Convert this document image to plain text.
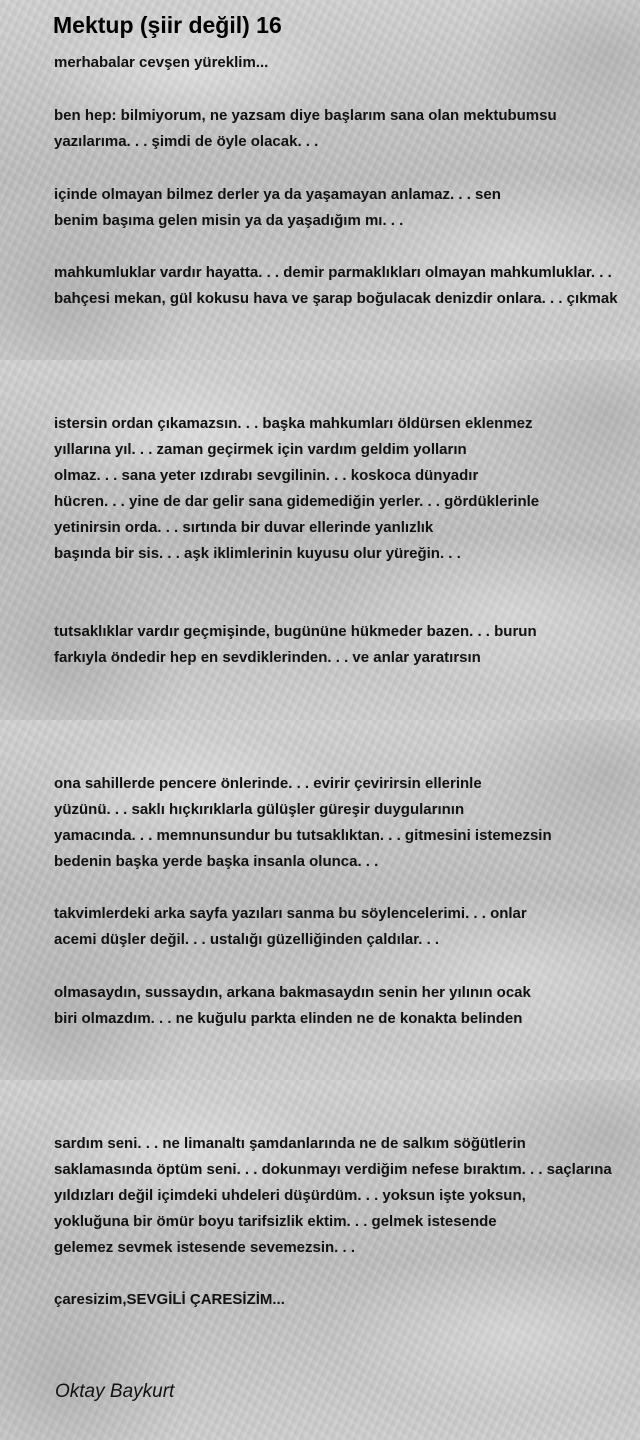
Mektup (şiir değil) 16
merhabalar cevşen yüreklim...
ben hep: bilmiyorum, ne yazsam diye başlarım sana olan mektubumsu
yazılarıma. . . şimdi de öyle olacak. . .
içinde olmayan bilmez derler ya da yaşamayan anlamaz. . . sen
benim başıma gelen misin ya da yaşadığım mı. . .
mahkumluklar vardır hayatta. . . demir parmaklıkları olmayan mahkumluklar. . .
bahçesi mekan, gül kokusu hava ve şarap boğulacak denizdir onlara. . . çıkmak
istersin ordan çıkamazsın. . . başka mahkumları öldürsen eklenmez
yıllarına yıl. . . zaman geçirmek için vardım geldim yolların
olmaz. . . sana yeter ızdırabı sevgilinin. . . koskoca dünyadır
hücren. . . yine de dar gelir sana gidemediğin yerler. . . gördüklerinle
yetinirsin orda. . . sırtında bir duvar ellerinde yanlızlık
başında bir sis. . . aşk iklimlerinin kuyusu olur yüreğin. . .
tutsaklıklar vardır geçmişinde, bugününe hükmeder bazen. . . burun
farkıyla öndedir hep en sevdiklerinden. . . ve anlar yaratırsın
ona sahillerde pencere önlerinde. . . evirir çevirirsin ellerinle
yüzünü. . . saklı hıçkırıklarla gülüşler güreşir duygularının
yamacında. . . memnunsundur bu tutsaklıktan. . . gitmesini istemezsin
bedenin başka yerde başka insanla olunca. . .
takvimlerdeki arka sayfa yazıları sanma bu söylencelerimi. . . onlar
acemi düşler değil. . . ustalığı güzelliğinden çaldılar. . .
olmasaydın, sussaydın, arkana bakmasaydın senin her yılının ocak
biri olmazdım. . . ne kuğulu parkta elinden ne de konakta belinden
sardım seni. . . ne limanaltı şamdanlarında ne de salkım söğütlerin
saklamasında öptüm seni. . . dokunmayı verdiğim nefese bıraktım. . . saçlarına
yıldızları değil içimdeki uhdeleri düşürdüm. . . yoksun işte yoksun,
yokluğuna bir ömür boyu tarifsizlik ektim. . . gelmek istesende
gelemez sevmek istesende sevemezsin. . .
çaresizim,SEVGİLİ ÇARESİZİM...
Oktay Baykurt
